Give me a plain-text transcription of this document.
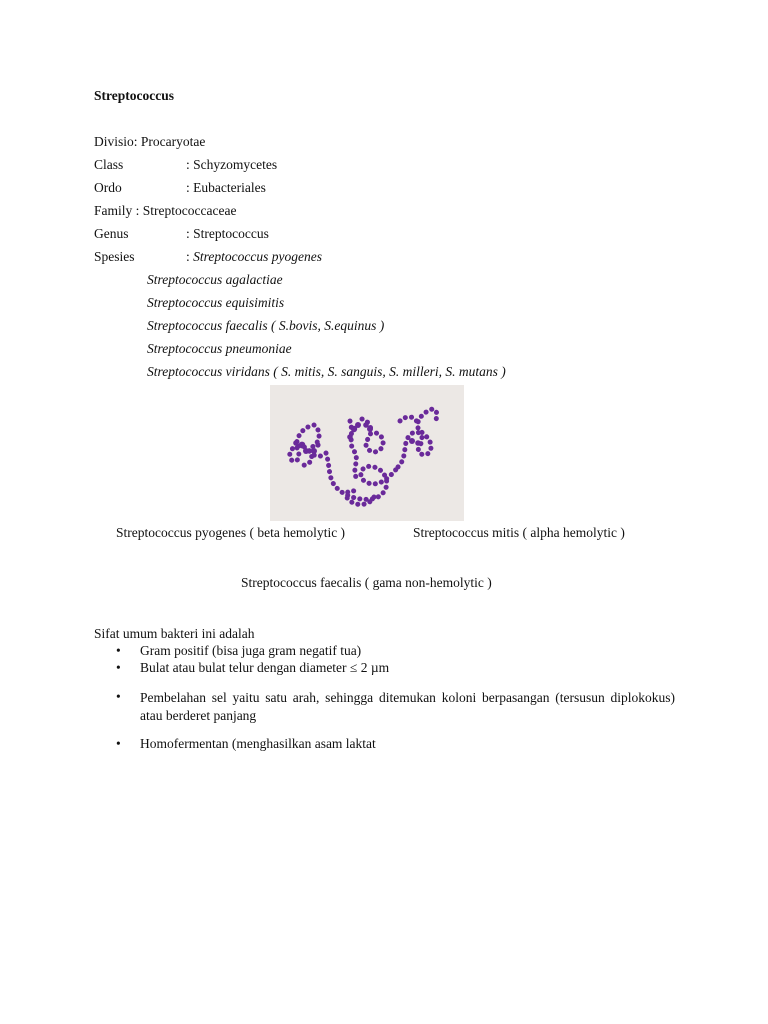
Streptococcus
Divisio: Procaryotae
Class	: Schyzomycetes
Ordo	: Eubacteriales
Family : Streptococcaceae
Genus	: Streptococcus
Spesies	: Streptococcus pyogenes
Streptococcus agalactiae
Streptococcus equisimitis
Streptococcus faecalis ( S.bovis, S.equinus )
Streptococcus pneumoniae
Streptococcus viridans ( S. mitis, S. sanguis, S. milleri, S. mutans )
Streptococcus pyogenes ( beta hemolytic )	Streptococcus mitis ( alpha hemolytic )
Streptococcus faecalis ( gama non-hemolytic )
Sifat umum bakteri ini adalah
• Gram positif (bisa juga gram negatif tua)
• Bulat atau bulat telur dengan diameter ≤ 2 µm
• Pembelahan sel yaitu satu arah, sehingga ditemukan koloni berpasangan (tersusun diplokokus) atau berderet panjang
• Homofermentan (menghasilkan asam laktat
